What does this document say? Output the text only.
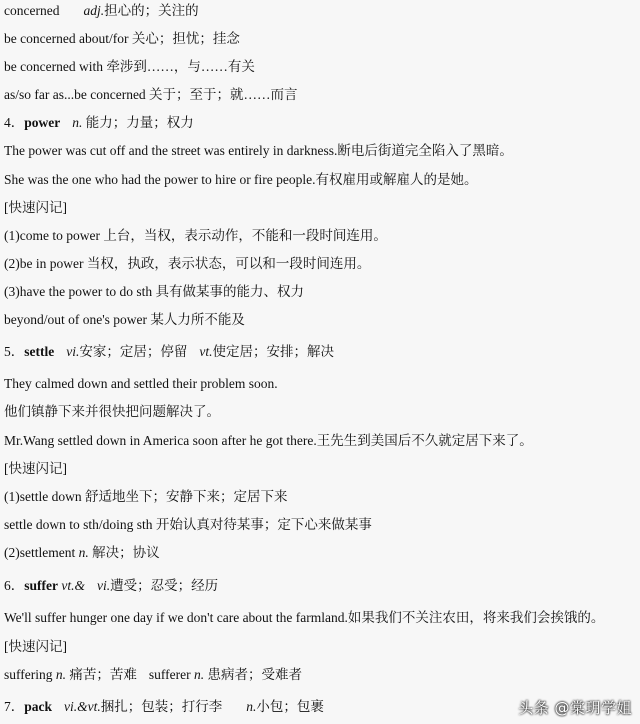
concerned adj.担心的；关注的
be concerned about/for 关心；担忧；挂念
be concerned with 牵涉到……，与……有关
as/so far as...be concerned 关于；至于；就……而言
4．power n. 能力；力量；权力
The power was cut off and the street was entirely in darkness.断电后街道完全陷入了黑暗。
She was the one who had the power to hire or fire people.有权雇用或解雇人的是她。
[快速闪记]
(1)come to power 上台，当权，表示动作，不能和一段时间连用。
(2)be in power 当权，执政，表示状态，可以和一段时间连用。
(3)have the power to do sth 具有做某事的能力、权力
beyond/out of one's power 某人力所不能及
5．settle vi.安家；定居；停留 vt.使定居；安排；解决
They calmed down and settled their problem soon.
他们镇静下来并很快把问题解决了。
Mr.Wang settled down in America soon after he got there.王先生到美国后不久就定居下来了。
[快速闪记]
(1)settle down 舒适地坐下；安静下来；定居下来
settle down to sth/doing sth 开始认真对待某事；定下心来做某事
(2)settlement n. 解决；协议
6．suffer vt.& vi.遭受；忍受；经历
We'll suffer hunger one day if we don't care about the farmland.如果我们不关注农田，将来我们会挨饿的。
[快速闪记]
suffering n. 痛苦；苦难 sufferer n. 患病者；受难者
7．pack vi.&vt.捆扎；包装；打行李 n.小包；包裹	头条 @棠玥学姐
